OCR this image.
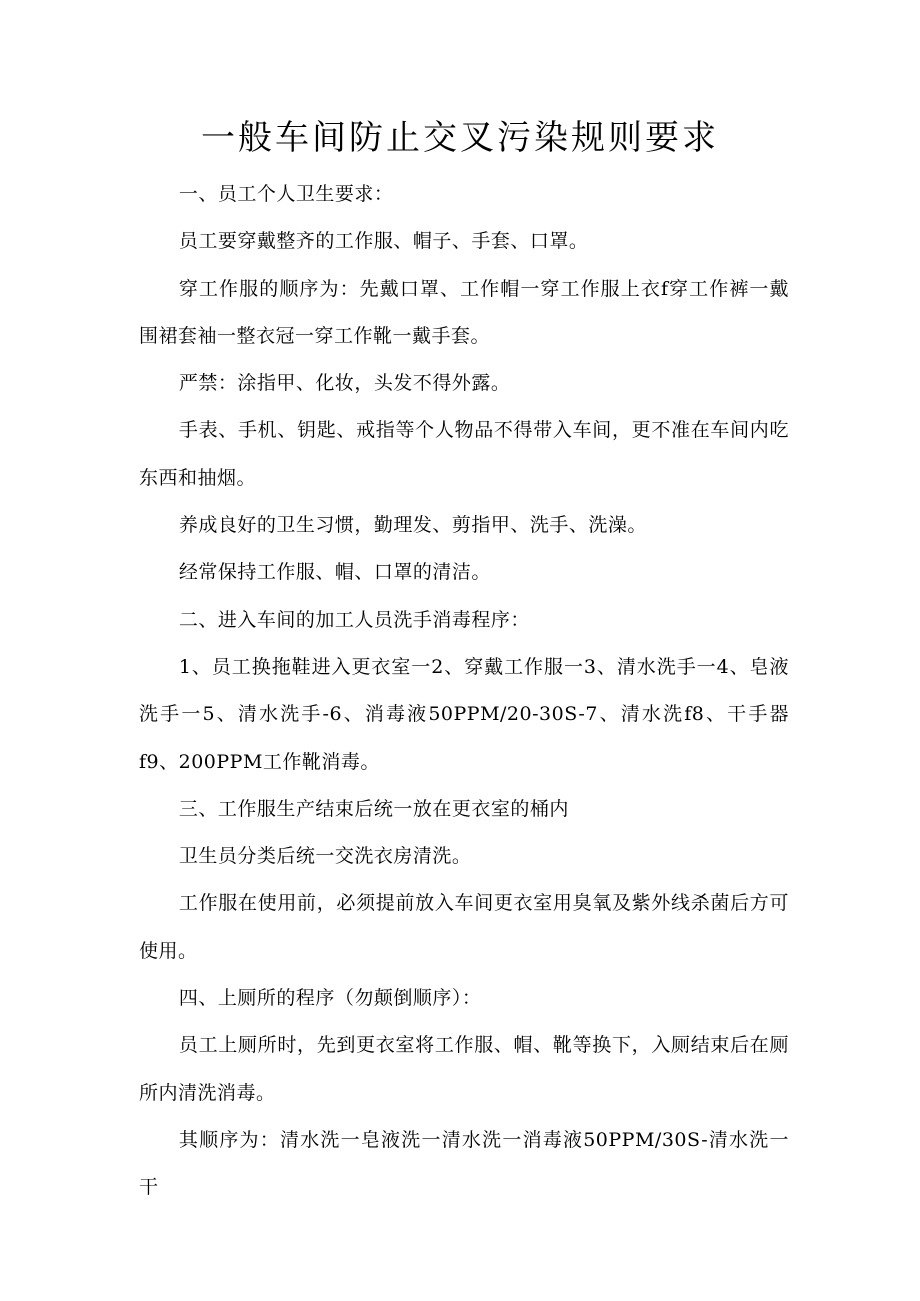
一般车间防止交叉污染规则要求

一、员工个人卫生要求：

员工要穿戴整齐的工作服、帽子、手套、口罩。

穿工作服的顺序为：先戴口罩、工作帽一穿工作服上衣f穿工作裤一戴围裙套袖一整衣冠一穿工作靴一戴手套。

严禁：涂指甲、化妆，头发不得外露。

手表、手机、钥匙、戒指等个人物品不得带入车间，更不准在车间内吃东西和抽烟。

养成良好的卫生习惯，勤理发、剪指甲、洗手、洗澡。

经常保持工作服、帽、口罩的清洁。

二、进入车间的加工人员洗手消毒程序：

1、员工换拖鞋进入更衣室一2、穿戴工作服一3、清水洗手一4、皂液洗手一5、清水洗手-6、消毒液50PPM/20-30S-7、清水洗f8、干手器f9、200PPM工作靴消毒。

三、工作服生产结束后统一放在更衣室的桶内

卫生员分类后统一交洗衣房清洗。

工作服在使用前，必须提前放入车间更衣室用臭氧及紫外线杀菌后方可使用。

四、上厕所的程序（勿颠倒顺序）：

员工上厕所时，先到更衣室将工作服、帽、靴等换下，入厕结束后在厕所内清洗消毒。

其顺序为：清水洗一皂液洗一清水洗一消毒液50PPM/30S-清水洗一干
